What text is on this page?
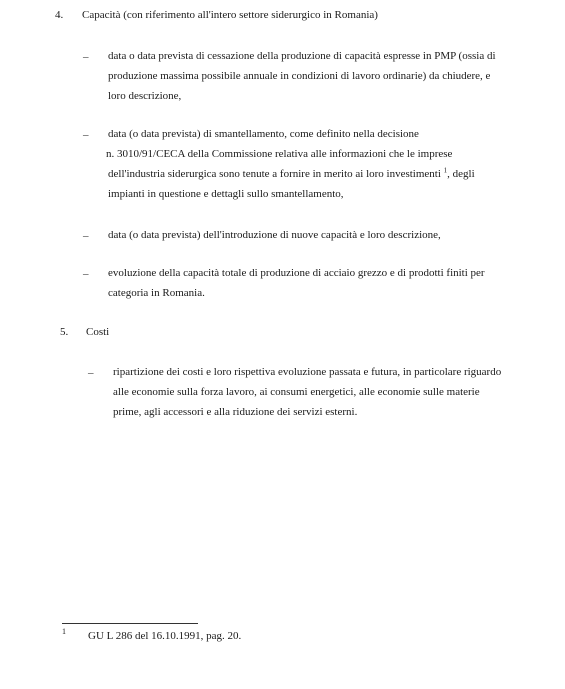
4. Capacità (con riferimento all'intero settore siderurgico in Romania)
– data o data prevista di cessazione della produzione di capacità espresse in PMP (ossia di
produzione massima possibile annuale in condizioni di lavoro ordinarie) da chiudere, e
loro descrizione,
– data (o data prevista) di smantellamento, come definito nella decisione
n. 3010/91/CECA della Commissione relativa alle informazioni che le imprese
dell'industria siderurgica sono tenute a fornire in merito ai loro investimenti $^1$, degli
impianti in questione e dettagli sullo smantellamento,
– data (o data prevista) dell'introduzione di nuove capacità e loro descrizione,
– evoluzione della capacità totale di produzione di acciaio grezzo e di prodotti finiti per
categoria in Romania.
5. Costi
– ripartizione dei costi e loro rispettiva evoluzione passata e futura, in particolare riguardo
alle economie sulla forza lavoro, ai consumi energetici, alle economie sulle materie
prime, agli accessori e alla riduzione dei servizi esterni.
1 GU L 286 del 16.10.1991, pag. 20.
